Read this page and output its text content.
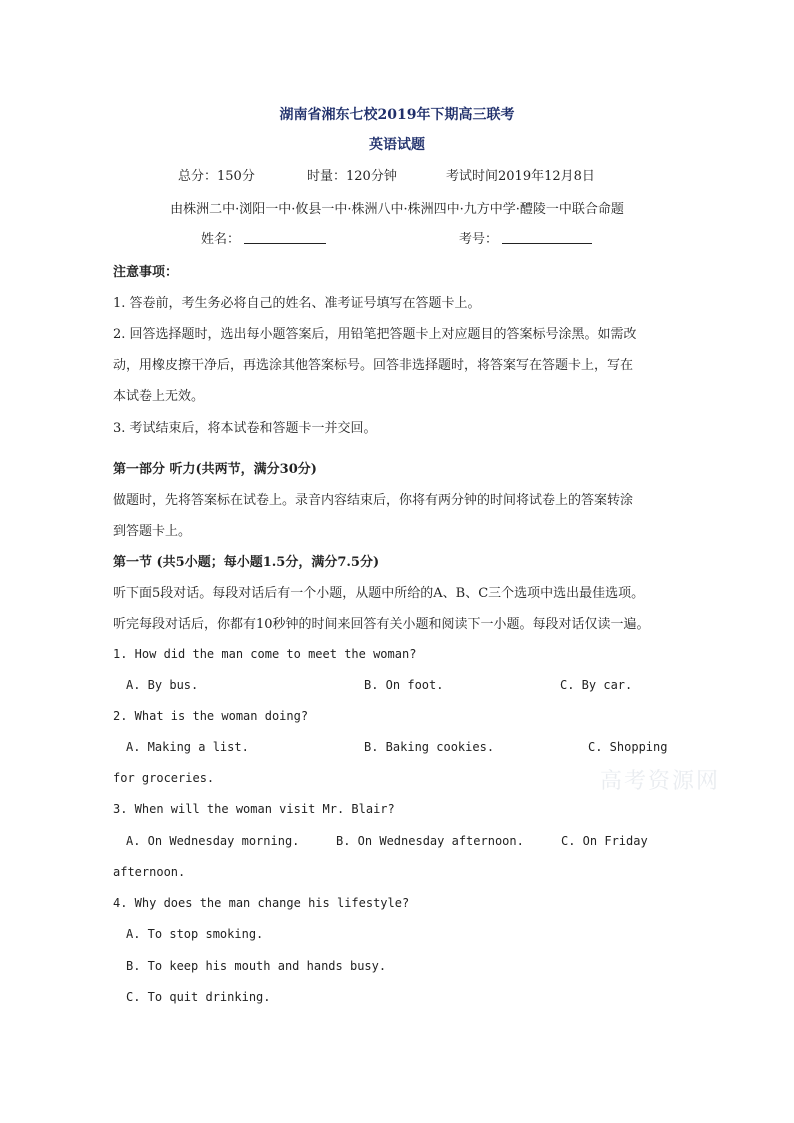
湖南省湘东七校2019年下期高三联考
英语试题
总分：150分	时量：120分钟	考试时间2019年12月8日
由株洲二中·浏阳一中·攸县一中·株洲八中·株洲四中·九方中学·醴陵一中联合命题
姓名：	考号：
注意事项：
1. 答卷前，考生务必将自己的姓名、准考证号填写在答题卡上。
2. 回答选择题时，选出每小题答案后，用铅笔把答题卡上对应题目的答案标号涂黑。如需改
动，用橡皮擦干净后，再选涂其他答案标号。回答非选择题时，将答案写在答题卡上，写在
本试卷上无效。
3. 考试结束后，将本试卷和答题卡一并交回。
第一部分 听力(共两节，满分30分)
做题时，先将答案标在试卷上。录音内容结束后，你将有两分钟的时间将试卷上的答案转涂
到答题卡上。
第一节 (共5小题；每小题1.5分，满分7.5分)
听下面5段对话。每段对话后有一个小题，从题中所给的A、B、C三个选项中选出最佳选项。
听完每段对话后，你都有10秒钟的时间来回答有关小题和阅读下一小题。每段对话仅读一遍。
1. How did the man come to meet the woman?
A. By bus.	B. On foot.	C. By car.
2. What is the woman doing?
A. Making a list.	B. Baking cookies.	C. Shopping
for groceries.
3. When will the woman visit Mr. Blair?
A. On Wednesday morning.	B. On Wednesday afternoon.	C. On Friday
afternoon.
4. Why does the man change his lifestyle?
A. To stop smoking.
B. To keep his mouth and hands busy.
C. To quit drinking.
高考资源网
